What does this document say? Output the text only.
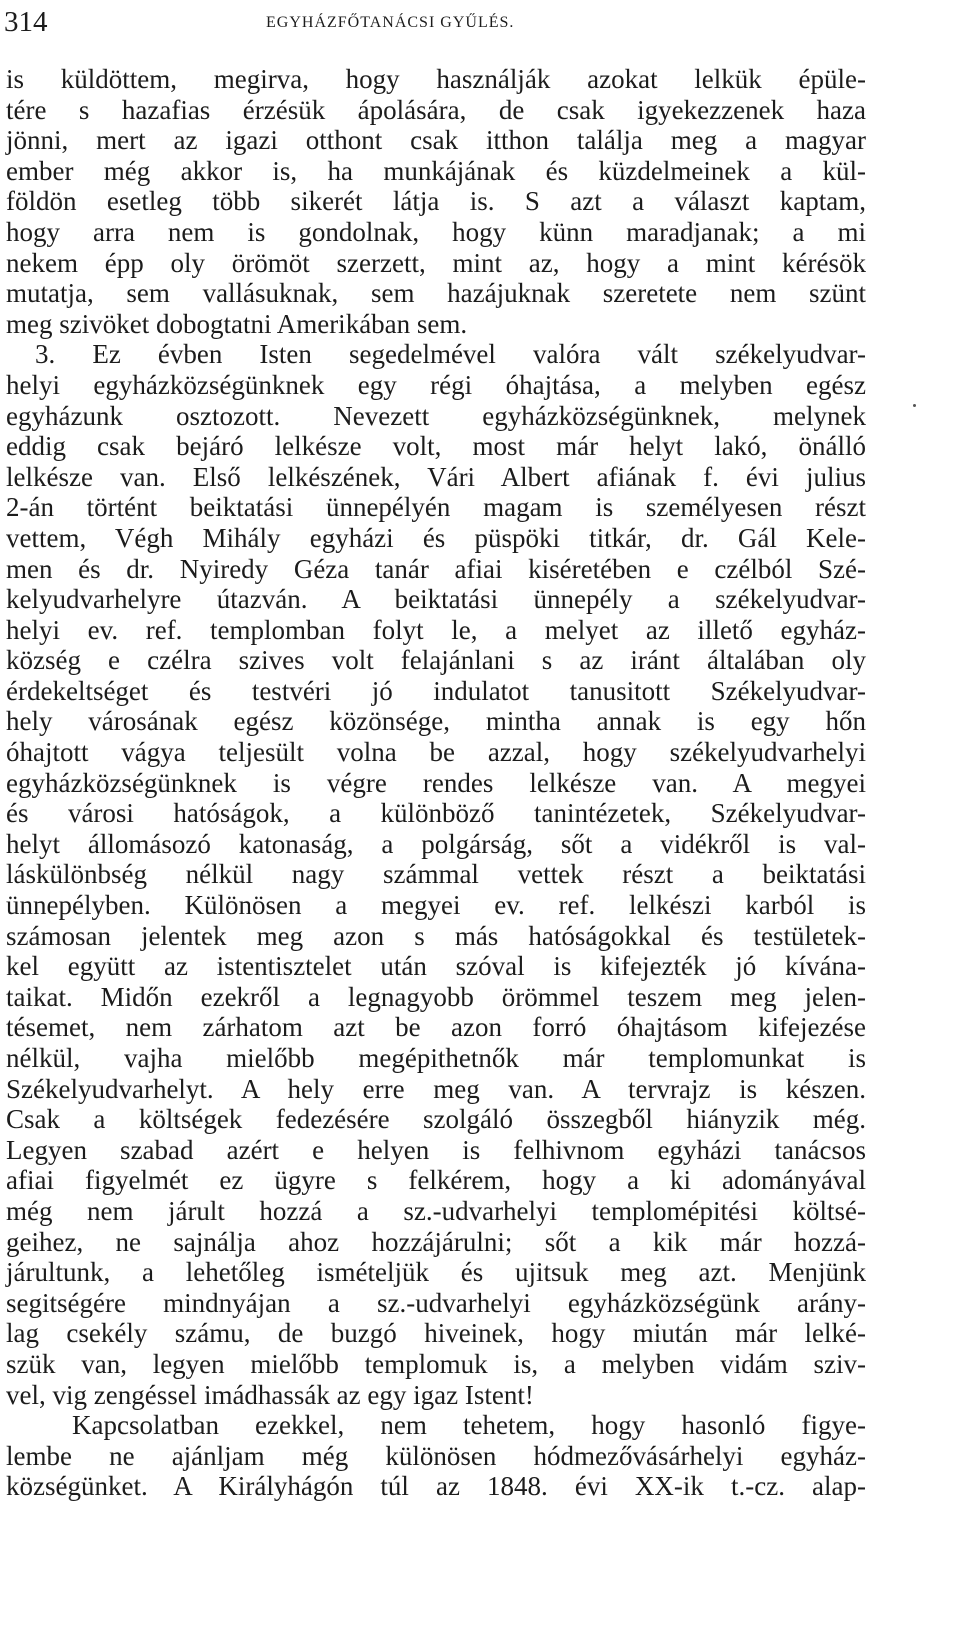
314	EGYHÁZFŐTANÁCSI GYŰLÉS.
is küldöttem, megirva, hogy használják azokat lelkük épüle-
tére s hazafias érzésük ápolására, de csak igyekezzenek haza
jönni, mert az igazi otthont csak itthon találja meg a magyar
ember még akkor is, ha munkájának és küzdelmeinek a kül-
földön esetleg több sikerét látja is. S azt a választ kaptam,
hogy arra nem is gondolnak, hogy künn maradjanak; a mi
nekem épp oly örömöt szerzett, mint az, hogy a mint kérésök
mutatja, sem vallásuknak, sem hazájuknak szeretete nem szünt
meg szivöket dobogtatni Amerikában sem.
3. Ez évben Isten segedelmével valóra vált székelyudvar-
helyi egyházközségünknek egy régi óhajtása, a melyben egész
egyházunk osztozott. Nevezett egyházközségünknek, melynek
eddig csak bejáró lelkésze volt, most már helyt lakó, önálló
lelkésze van. Első lelkészének, Vári Albert afiának f. évi julius
2-án történt beiktatási ünnepélyén magam is személyesen részt
vettem, Végh Mihály egyházi és püspöki titkár, dr. Gál Kele-
men és dr. Nyiredy Géza tanár afiai kiséretében e czélból Szé-
kelyudvarhelyre útazván. A beiktatási ünnepély a székelyudvar-
helyi ev. ref. templomban folyt le, a melyet az illető egyház-
község e czélra szives volt felajánlani s az iránt általában oly
érdekeltséget és testvéri jó indulatot tanusitott Székelyudvar-
hely városának egész közönsége, mintha annak is egy hőn
óhajtott vágya teljesült volna be azzal, hogy székelyudvarhelyi
egyházközségünknek is végre rendes lelkésze van. A megyei
és városi hatóságok, a különböző tanintézetek, Székelyudvar-
helyt állomásozó katonaság, a polgárság, sőt a vidékről is val-
láskülönbség nélkül nagy számmal vettek részt a beiktatási
ünnepélyben. Különösen a megyei ev. ref. lelkészi karból is
számosan jelentek meg azon s más hatóságokkal és testületek-
kel együtt az istentisztelet után szóval is kifejezték jó kívána-
taikat. Midőn ezekről a legnagyobb örömmel teszem meg jelen-
tésemet, nem zárhatom azt be azon forró óhajtásom kifejezése
nélkül, vajha mielőbb megépithetnők már templomunkat is
Székelyudvarhelyt. A hely erre meg van. A tervrajz is készen.
Csak a költségek fedezésére szolgáló összegből hiányzik még.
Legyen szabad azért e helyen is felhivnom egyházi tanácsos
afiai figyelmét ez ügyre s felkérem, hogy a ki adományával
még nem járult hozzá a sz.-udvarhelyi templomépitési költsé-
geihez, ne sajnálja ahoz hozzájárulni; sőt a kik már hozzá-
járultunk, a lehetőleg ismételjük és ujitsuk meg azt. Menjünk
segitségére mindnyájan a sz.-udvarhelyi egyházközségünk arány-
lag csekély számu, de buzgó hiveinek, hogy miután már lelké-
szük van, legyen mielőbb templomuk is, a melyben vidám sziv-
vel, vig zengéssel imádhassák az egy igaz Istent!
Kapcsolatban ezekkel, nem tehetem, hogy hasonló figye-
lembe ne ajánljam még különösen hódmezővásárhelyi egyház-
községünket. A Királyhágón túl az 1848. évi XX-ik t.-cz. alap-
